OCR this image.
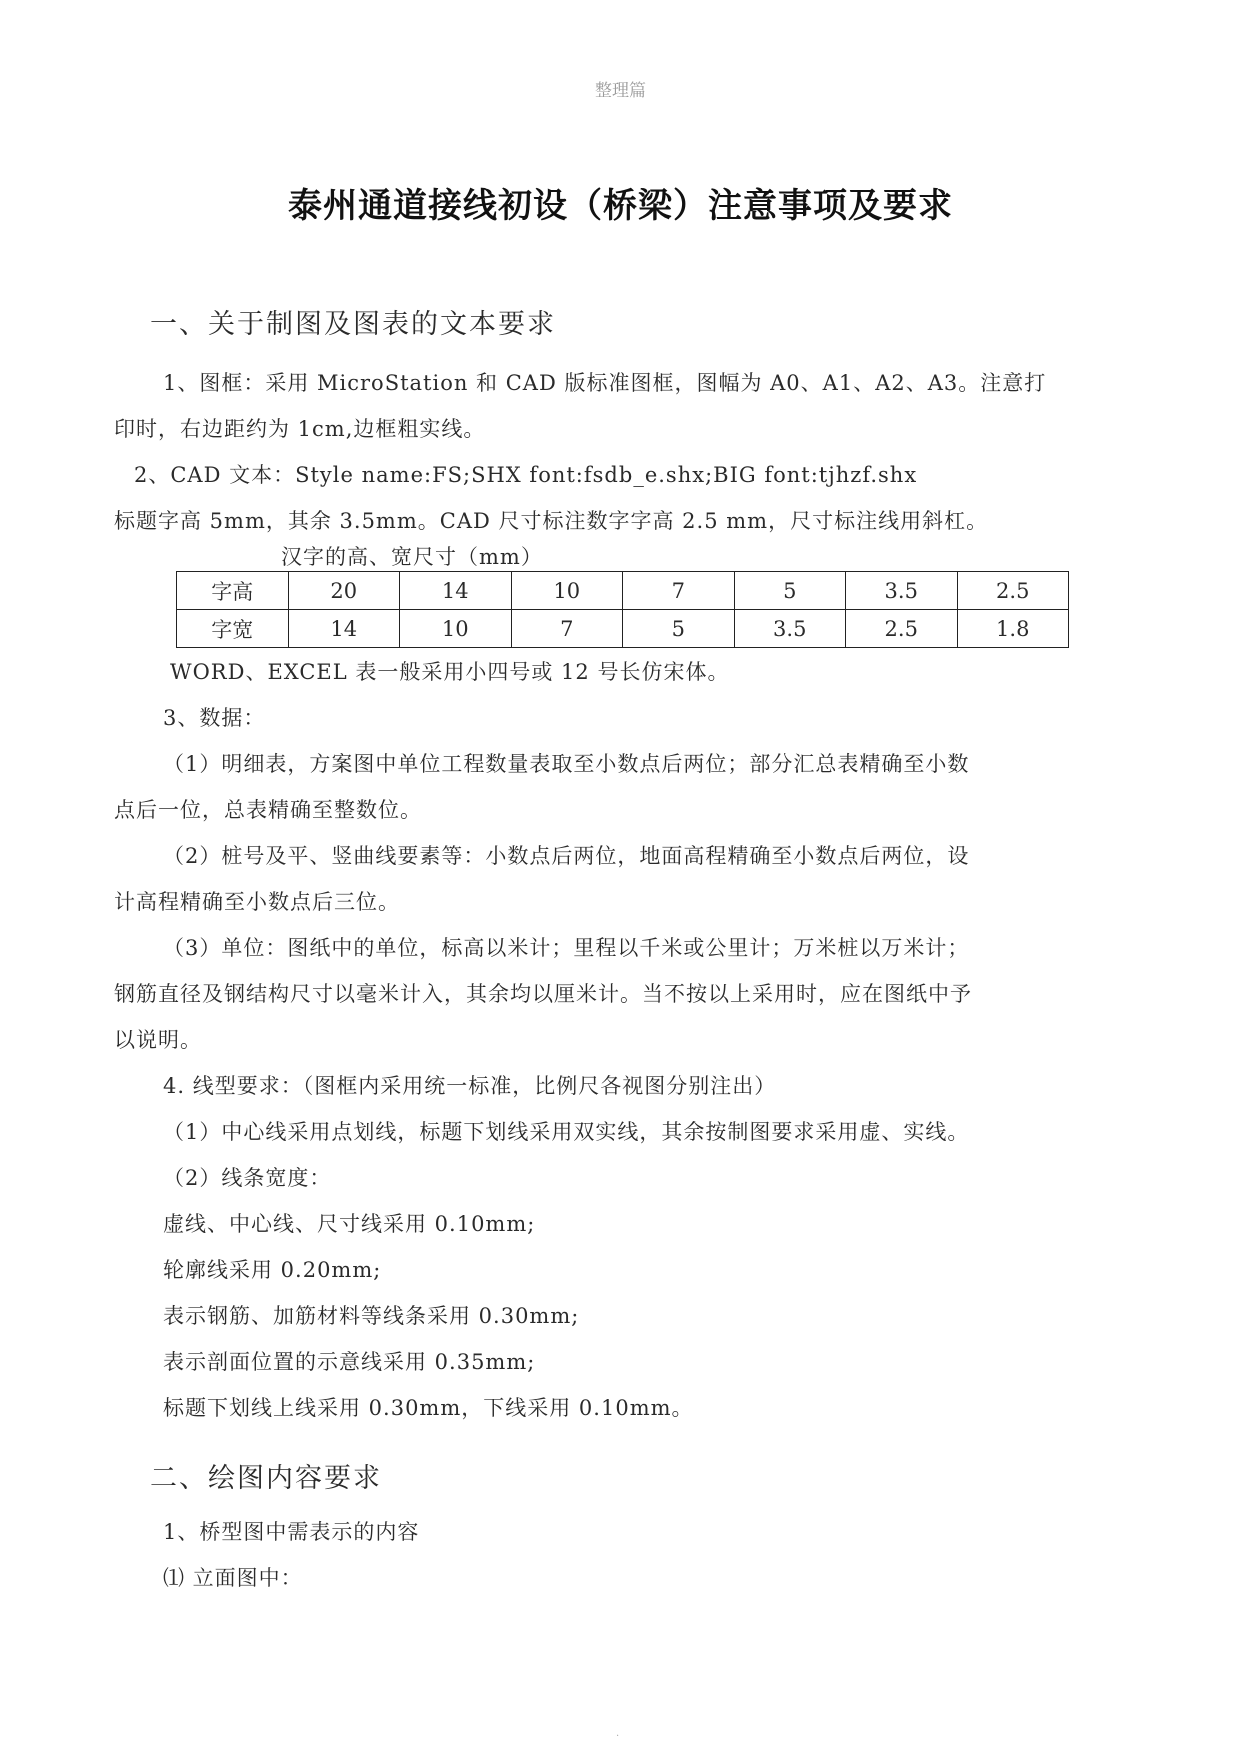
整理篇
泰州通道接线初设（桥梁）注意事项及要求
一、关于制图及图表的文本要求
1、图框：采用 MicroStation 和 CAD 版标准图框，图幅为 A0、A1、A2、A3。注意打
印时，右边距约为 1cm,边框粗实线。
2、CAD 文本：Style name:FS;SHX font:fsdb_e.shx;BIG font:tjhzf.shx
标题字高 5mm，其余 3.5mm。CAD 尺寸标注数字字高 2.5 mm，尺寸标注线用斜杠。
汉字的高、宽尺寸（mm）
字高	20	14	10	7	5	3.5	2.5
字宽	14	10	7	5	3.5	2.5	1.8
WORD、EXCEL 表一般采用小四号或 12 号长仿宋体。
3、数据：
（1）明细表，方案图中单位工程数量表取至小数点后两位；部分汇总表精确至小数
点后一位，总表精确至整数位。
（2）桩号及平、竖曲线要素等：小数点后两位，地面高程精确至小数点后两位，设
计高程精确至小数点后三位。
（3）单位：图纸中的单位，标高以米计；里程以千米或公里计；万米桩以万米计；
钢筋直径及钢结构尺寸以毫米计入，其余均以厘米计。当不按以上采用时，应在图纸中予
以说明。
4. 线型要求：（图框内采用统一标准，比例尺各视图分别注出）
（1）中心线采用点划线，标题下划线采用双实线，其余按制图要求采用虚、实线。
（2）线条宽度：
虚线、中心线、尺寸线采用 0.10mm;
轮廓线采用 0.20mm;
表示钢筋、加筋材料等线条采用 0.30mm;
表示剖面位置的示意线采用 0.35mm;
标题下划线上线采用 0.30mm，下线采用 0.10mm。
二、绘图内容要求
1、桥型图中需表示的内容
⑴ 立面图中：
.
